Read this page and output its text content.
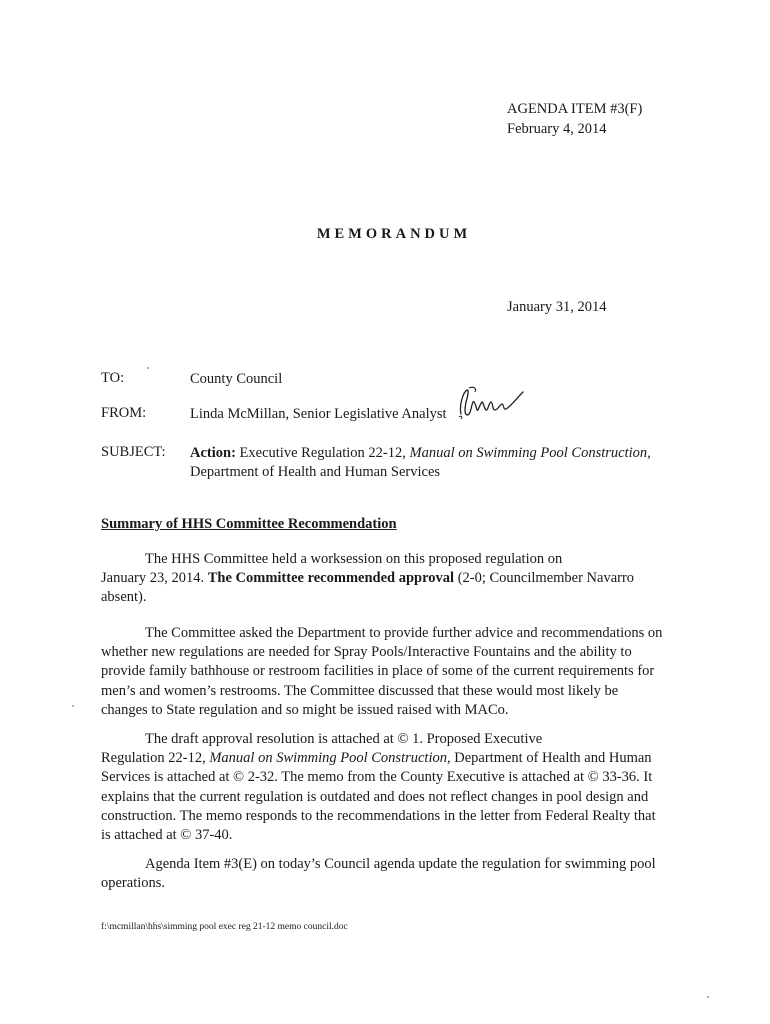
AGENDA ITEM #3(F)
February 4, 2014
MEMORANDUM
January 31, 2014
TO:	County Council
FROM:	Linda McMillan, Senior Legislative Analyst
SUBJECT: Action: Executive Regulation 22-12, Manual on Swimming Pool Construction,
Department of Health and Human Services
Summary of HHS Committee Recommendation
The HHS Committee held a worksession on this proposed regulation on
January 23, 2014. The Committee recommended approval (2-0; Councilmember Navarro
absent).
The Committee asked the Department to provide further advice and recommendations on
whether new regulations are needed for Spray Pools/Interactive Fountains and the ability to
provide family bathhouse or restroom facilities in place of some of the current requirements for
men’s and women’s restrooms. The Committee discussed that these would most likely be
changes to State regulation and so might be issued raised with MACo.
The draft approval resolution is attached at © 1. Proposed Executive
Regulation 22-12, Manual on Swimming Pool Construction, Department of Health and Human
Services is attached at © 2-32. The memo from the County Executive is attached at © 33-36. It
explains that the current regulation is outdated and does not reflect changes in pool design and
construction. The memo responds to the recommendations in the letter from Federal Realty that
is attached at © 37-40.
Agenda Item #3(E) on today’s Council agenda update the regulation for swimming pool
operations.
f:\mcmillan\hhs\simming pool exec reg 21-12 memo council.doc
